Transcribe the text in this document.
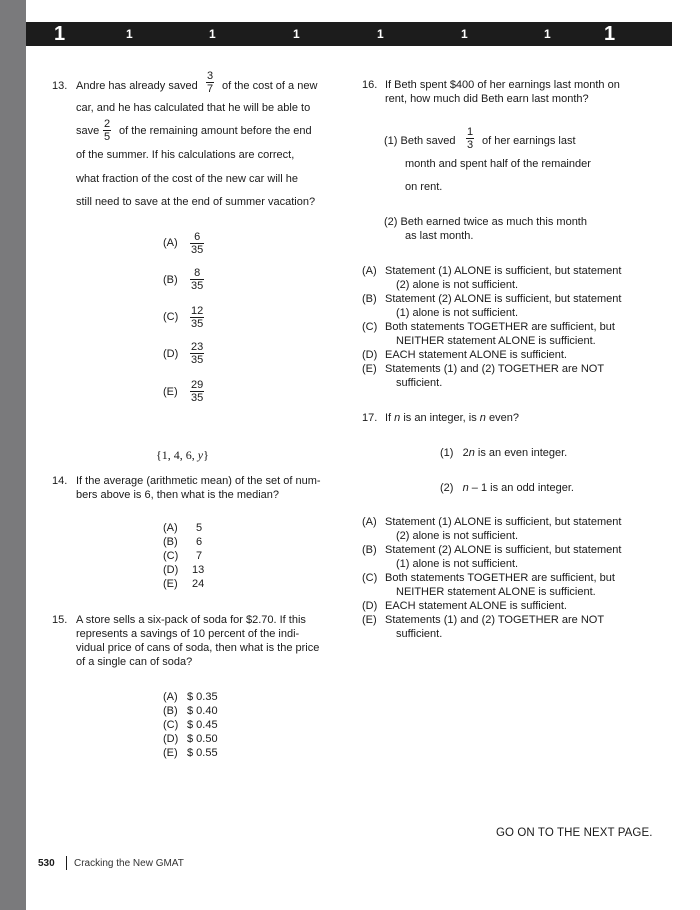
1	1	1	1	1	1	1	1
13. Andre has already saved $\frac{3}{7}$ of the cost of a new
car, and he has calculated that he will be able to
save $\frac{2}{5}$ of the remaining amount before the end
of the summer. If his calculations are correct,
what fraction of the cost of the new car will he
still need to save at the end of summer vacation?
$(A) \frac{6}{35}$
$(B) \frac{8}{35}$
$(C) \frac{12}{35}$
$(D) \frac{23}{35}$
$(E) \frac{29}{35}$
{1, 4, 6, y}
14. If the average (arithmetic mean) of the set of num-
bers above is 6, then what is the median?
(A) 5
(B) 6
(C) 7
(D) 13
(E) 24
15. A store sells a six-pack of soda for $2.70. If this
represents a savings of 10 percent of the indi-
vidual price of cans of soda, then what is the price
of a single can of soda?
(A) $ 0.35
(B) $ 0.40
(C) $ 0.45
(D) $ 0.50
(E) $ 0.55
16. If Beth spent $400 of her earnings last month on
rent, how much did Beth earn last month?
(1) Beth saved $\frac{1}{3}$ of her earnings last
month and spent half of the remainder
on rent.
(2) Beth earned twice as much this month
as last month.
(A) Statement (1) ALONE is sufficient, but statement
(2) alone is not sufficient.
(B) Statement (2) ALONE is sufficient, but statement
(1) alone is not sufficient.
(C) Both statements TOGETHER are sufficient, but
NEITHER statement ALONE is sufficient.
(D) EACH statement ALONE is sufficient.
(E) Statements (1) and (2) TOGETHER are NOT
sufficient.
17. If n is an integer, is n even?
(1) 2n is an even integer.
(2) n – 1 is an odd integer.
(A) Statement (1) ALONE is sufficient, but statement
(2) alone is not sufficient.
(B) Statement (2) ALONE is sufficient, but statement
(1) alone is not sufficient.
(C) Both statements TOGETHER are sufficient, but
NEITHER statement ALONE is sufficient.
(D) EACH statement ALONE is sufficient.
(E) Statements (1) and (2) TOGETHER are NOT
sufficient.
GO ON TO THE NEXT PAGE.
530 Cracking the New GMAT
